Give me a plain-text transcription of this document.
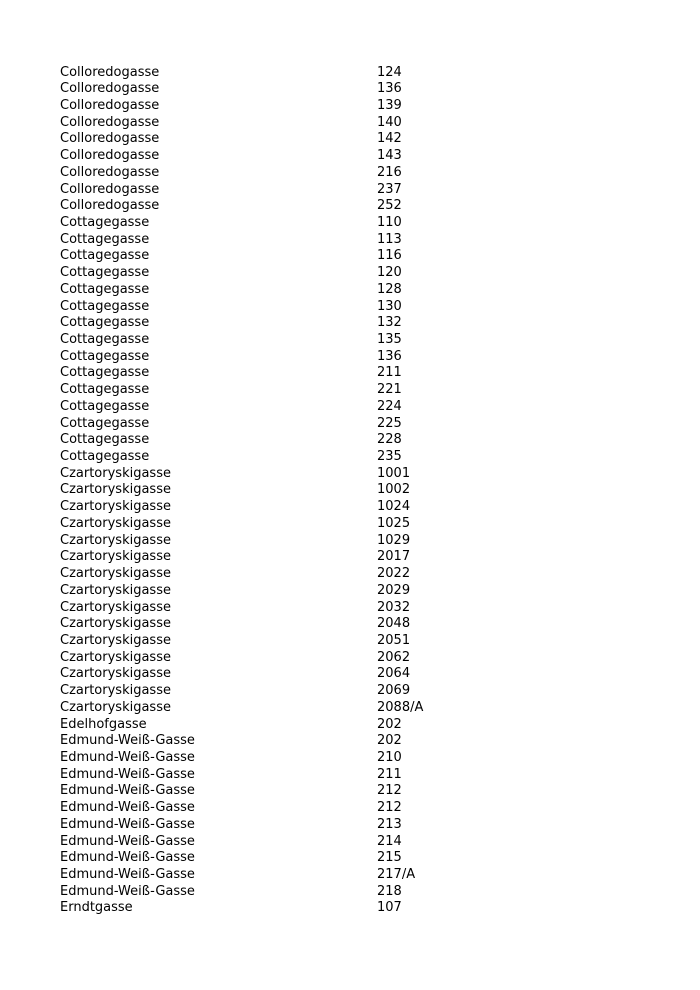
Colloredogasse	124
Colloredogasse	136
Colloredogasse	139
Colloredogasse	140
Colloredogasse	142
Colloredogasse	143
Colloredogasse	216
Colloredogasse	237
Colloredogasse	252
Cottagegasse	110
Cottagegasse	113
Cottagegasse	116
Cottagegasse	120
Cottagegasse	128
Cottagegasse	130
Cottagegasse	132
Cottagegasse	135
Cottagegasse	136
Cottagegasse	211
Cottagegasse	221
Cottagegasse	224
Cottagegasse	225
Cottagegasse	228
Cottagegasse	235
Czartoryskigasse	1001
Czartoryskigasse	1002
Czartoryskigasse	1024
Czartoryskigasse	1025
Czartoryskigasse	1029
Czartoryskigasse	2017
Czartoryskigasse	2022
Czartoryskigasse	2029
Czartoryskigasse	2032
Czartoryskigasse	2048
Czartoryskigasse	2051
Czartoryskigasse	2062
Czartoryskigasse	2064
Czartoryskigasse	2069
Czartoryskigasse	2088/A
Edelhofgasse	202
Edmund-Weiß-Gasse	202
Edmund-Weiß-Gasse	210
Edmund-Weiß-Gasse	211
Edmund-Weiß-Gasse	212
Edmund-Weiß-Gasse	212
Edmund-Weiß-Gasse	213
Edmund-Weiß-Gasse	214
Edmund-Weiß-Gasse	215
Edmund-Weiß-Gasse	217/A
Edmund-Weiß-Gasse	218
Erndtgasse	107
